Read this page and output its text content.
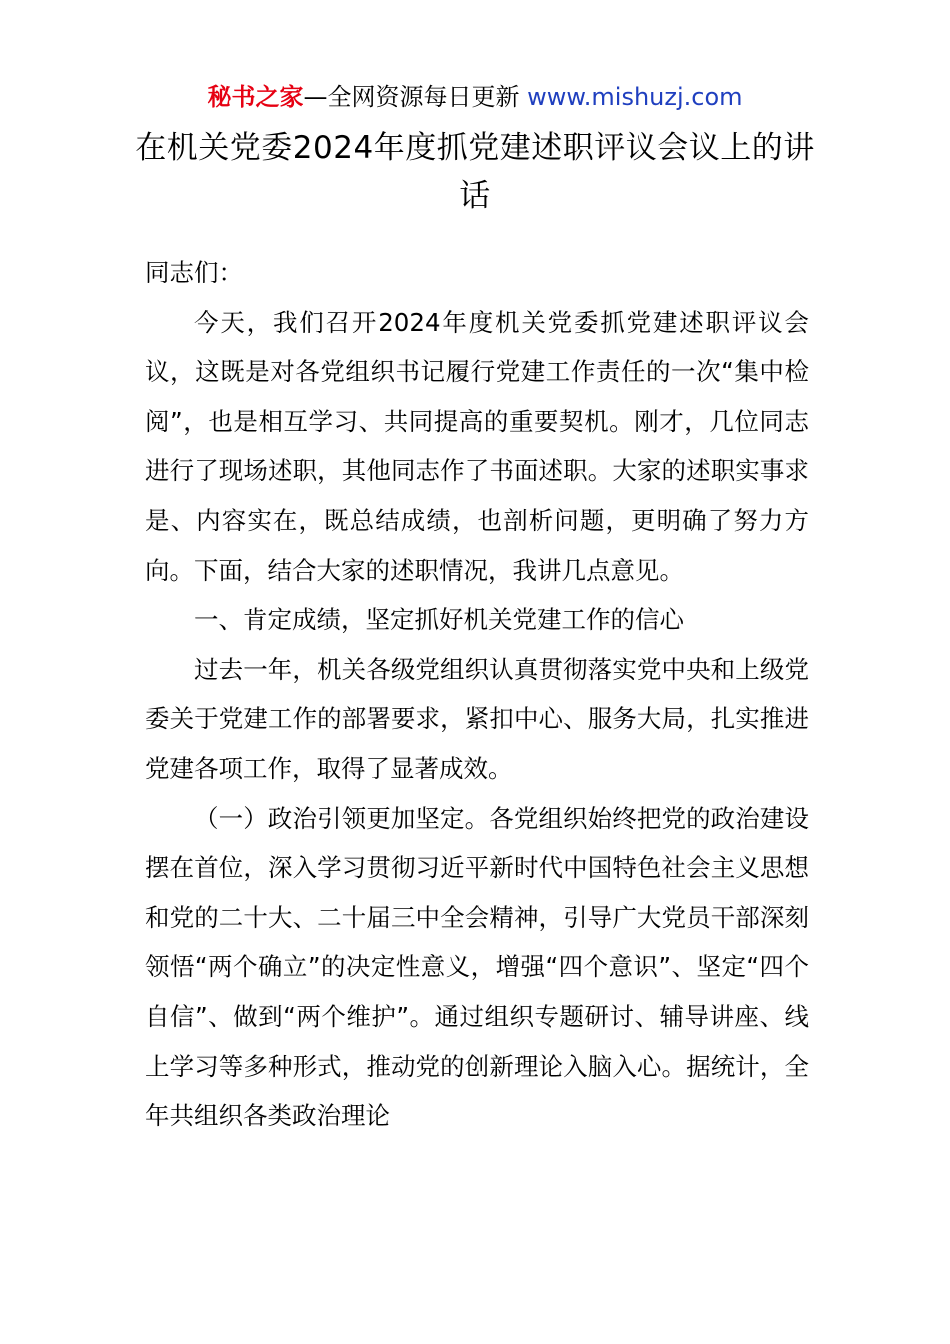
秘书之家—全网资源每日更新 www.mishuzj.com
在机关党委2024年度抓党建述职评议会议上的讲话

同志们：

今天，我们召开2024年度机关党委抓党建述职评议会议，这既是对各党组织书记履行党建工作责任的一次“集中检阅”，也是相互学习、共同提高的重要契机。刚才，几位同志进行了现场述职，其他同志作了书面述职。大家的述职实事求是、内容实在，既总结成绩，也剖析问题，更明确了努力方向。下面，结合大家的述职情况，我讲几点意见。

一、肯定成绩，坚定抓好机关党建工作的信心

过去一年，机关各级党组织认真贯彻落实党中央和上级党委关于党建工作的部署要求，紧扣中心、服务大局，扎实推进党建各项工作，取得了显著成效。

（一）政治引领更加坚定。各党组织始终把党的政治建设摆在首位，深入学习贯彻习近平新时代中国特色社会主义思想和党的二十大、二十届三中全会精神，引导广大党员干部深刻领悟“两个确立”的决定性意义，增强“四个意识”、坚定“四个自信”、做到“两个维护”。通过组织专题研讨、辅导讲座、线上学习等多种形式，推动党的创新理论入脑入心。据统计，全年共组织各类政治理论
